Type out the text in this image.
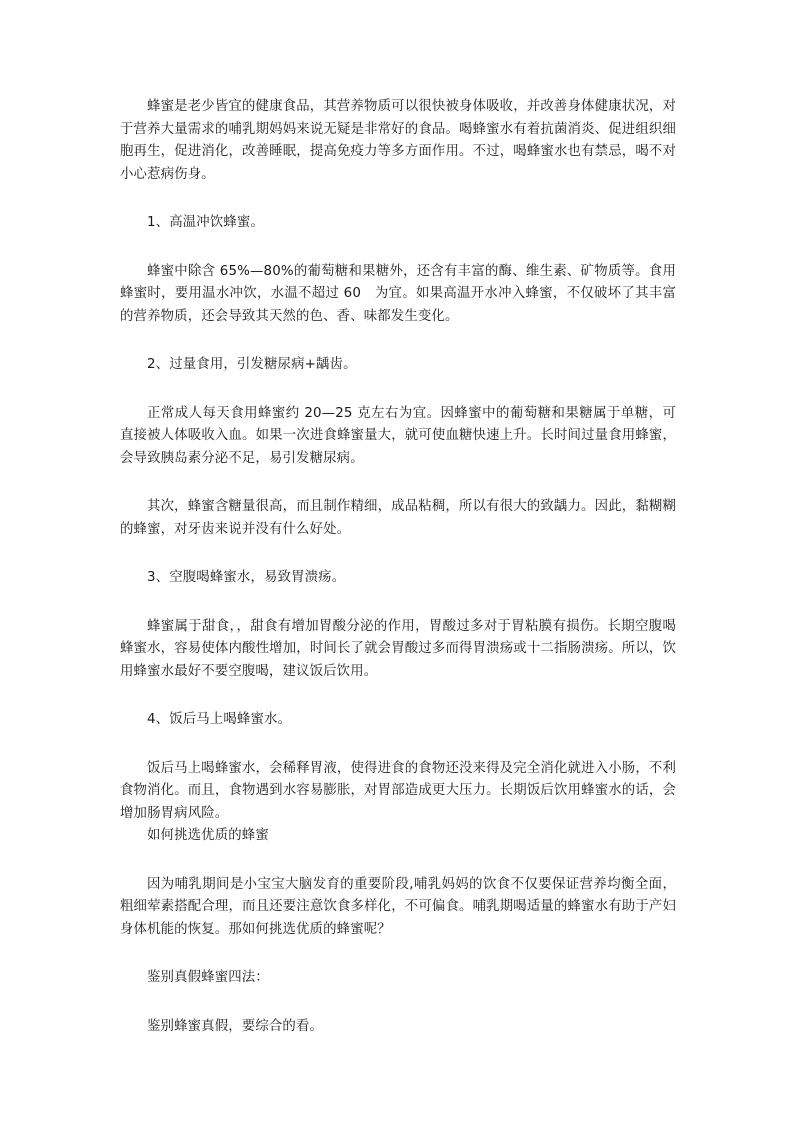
蜂蜜是老少皆宜的健康食品，其营养物质可以很快被身体吸收，并改善身体健康状况，对于营养大量需求的哺乳期妈妈来说无疑是非常好的食品。喝蜂蜜水有着抗菌消炎、促进组织细胞再生，促进消化，改善睡眠，提高免疫力等多方面作用。不过，喝蜂蜜水也有禁忌，喝不对小心惹病伤身。

1、高温冲饮蜂蜜。

蜂蜜中除含 65%—80%的葡萄糖和果糖外，还含有丰富的酶、维生素、矿物质等。食用蜂蜜时，要用温水冲饮，水温不超过 60　为宜。如果高温开水冲入蜂蜜，不仅破坏了其丰富的营养物质，还会导致其天然的色、香、味都发生变化。

2、过量食用，引发糖尿病+龋齿。

正常成人每天食用蜂蜜约 20—25 克左右为宜。因蜂蜜中的葡萄糖和果糖属于单糖，可直接被人体吸收入血。如果一次进食蜂蜜量大，就可使血糖快速上升。长时间过量食用蜂蜜，会导致胰岛素分泌不足，易引发糖尿病。

其次，蜂蜜含糖量很高，而且制作精细，成品粘稠，所以有很大的致龋力。因此，黏糊糊的蜂蜜，对牙齿来说并没有什么好处。

3、空腹喝蜂蜜水，易致胃溃疡。

蜂蜜属于甜食，，甜食有增加胃酸分泌的作用，胃酸过多对于胃粘膜有损伤。长期空腹喝蜂蜜水，容易使体内酸性增加，时间长了就会胃酸过多而得胃溃疡或十二指肠溃疡。所以，饮用蜂蜜水最好不要空腹喝，建议饭后饮用。

4、饭后马上喝蜂蜜水。

饭后马上喝蜂蜜水，会稀释胃液，使得进食的食物还没来得及完全消化就进入小肠，不利食物消化。而且，食物遇到水容易膨胀，对胃部造成更大压力。长期饭后饮用蜂蜜水的话，会增加肠胃病风险。

如何挑选优质的蜂蜜

因为哺乳期间是小宝宝大脑发育的重要阶段,哺乳妈妈的饮食不仅要保证营养均衡全面，粗细荤素搭配合理，而且还要注意饮食多样化，不可偏食。哺乳期喝适量的蜂蜜水有助于产妇身体机能的恢复。那如何挑选优质的蜂蜜呢？

鉴别真假蜂蜜四法：

鉴别蜂蜜真假，要综合的看。
